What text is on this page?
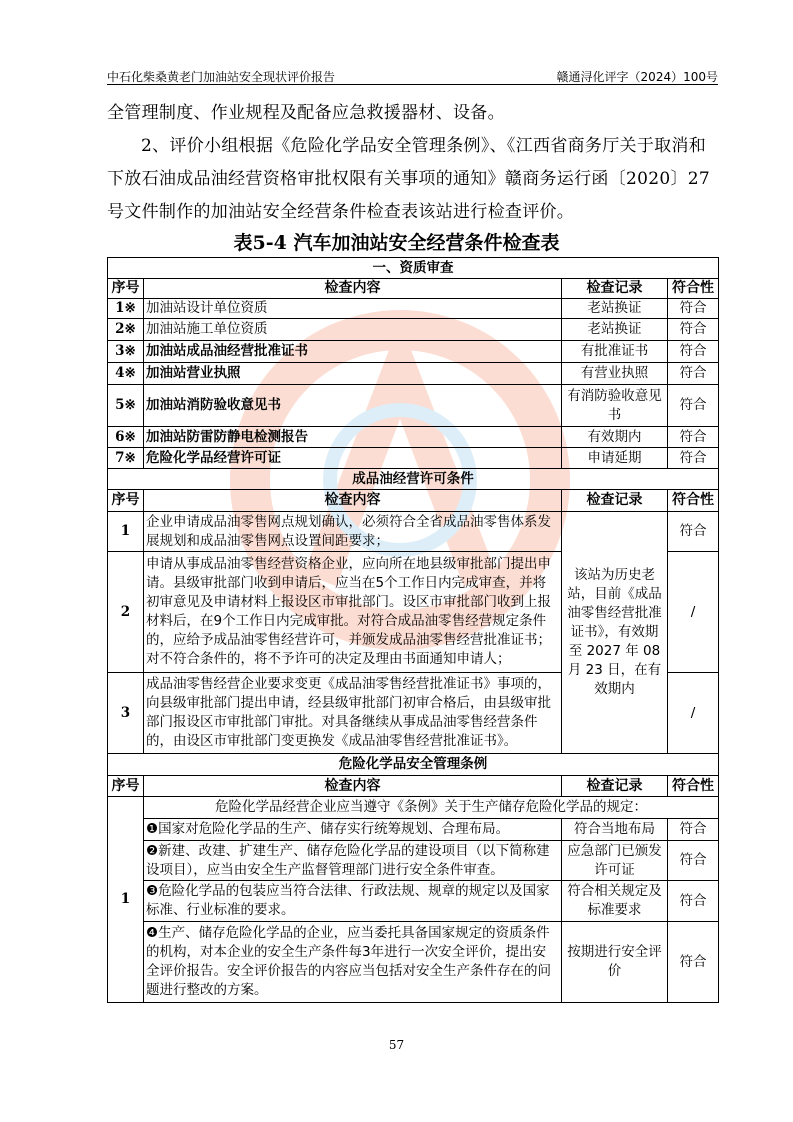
中石化柴桑黄老门加油站安全现状评价报告	赣通浔化评字（2024）100号
全管理制度、作业规程及配备应急救援器材、设备。
2、评价小组根据《危险化学品安全管理条例》、《江西省商务厅关于取消和下放石油成品油经营资格审批权限有关事项的通知》赣商务运行函〔2020〕27号文件制作的加油站安全经营条件检查表该站进行检查评价。
表5-4 汽车加油站安全经营条件检查表
一、资质审查			
序号	检查内容	检查记录	符合性
1※	加油站设计单位资质	老站换证	符合
2※	加油站施工单位资质	老站换证	符合
3※	加油站成品油经营批准证书	有批准证书	符合
4※	加油站营业执照	有营业执照	符合
5※	加油站消防验收意见书	有消防验收意见书	符合
6※	加油站防雷防静电检测报告	有效期内	符合
7※	危险化学品经营许可证	申请延期	符合
成品油经营许可条件			
序号	检查内容	检查记录	符合性
1	企业申请成品油零售网点规划确认，必须符合全省成品油零售体系发展规划和成品油零售网点设置间距要求；	该站为历史老站，目前《成品油零售经营批准证书》，有效期至 2027 年 08 月 23 日，在有效期内	符合
2	申请从事成品油零售经营资格企业，应向所在地县级审批部门提出申请。县级审批部门收到申请后，应当在5个工作日内完成审查，并将初审意见及申请材料上报设区市审批部门。设区市审批部门收到上报材料后，在9个工作日内完成审批。对符合成品油零售经营规定条件的，应给予成品油零售经营许可，并颁发成品油零售经营批准证书；对不符合条件的，将不予许可的决定及理由书面通知申请人；		/
3	成品油零售经营企业要求变更《成品油零售经营批准证书》事项的，向县级审批部门提出申请，经县级审批部门初审合格后，由县级审批部门报设区市审批部门审批。对具备继续从事成品油零售经营条件的，由设区市审批部门变更换发《成品油零售经营批准证书》。		/
危险化学品安全管理条例			
序号	检查内容	检查记录	符合性
1	危险化学品经营企业应当遵守《条例》关于生产储存危险化学品的规定：		
	❶国家对危险化学品的生产、储存实行统筹规划、合理布局。	符合当地布局	符合
	❷新建、改建、扩建生产、储存危险化学品的建设项目（以下简称建设项目），应当由安全生产监督管理部门进行安全条件审查。	应急部门已颁发许可证	符合
	❸危险化学品的包装应当符合法律、行政法规、规章的规定以及国家标准、行业标准的要求。	符合相关规定及标准要求	符合
	❹生产、储存危险化学品的企业，应当委托具备国家规定的资质条件的机构，对本企业的安全生产条件每3年进行一次安全评价，提出安全评价报告。安全评价报告的内容应当包括对安全生产条件存在的问题进行整改的方案。	按期进行安全评价	符合
57
